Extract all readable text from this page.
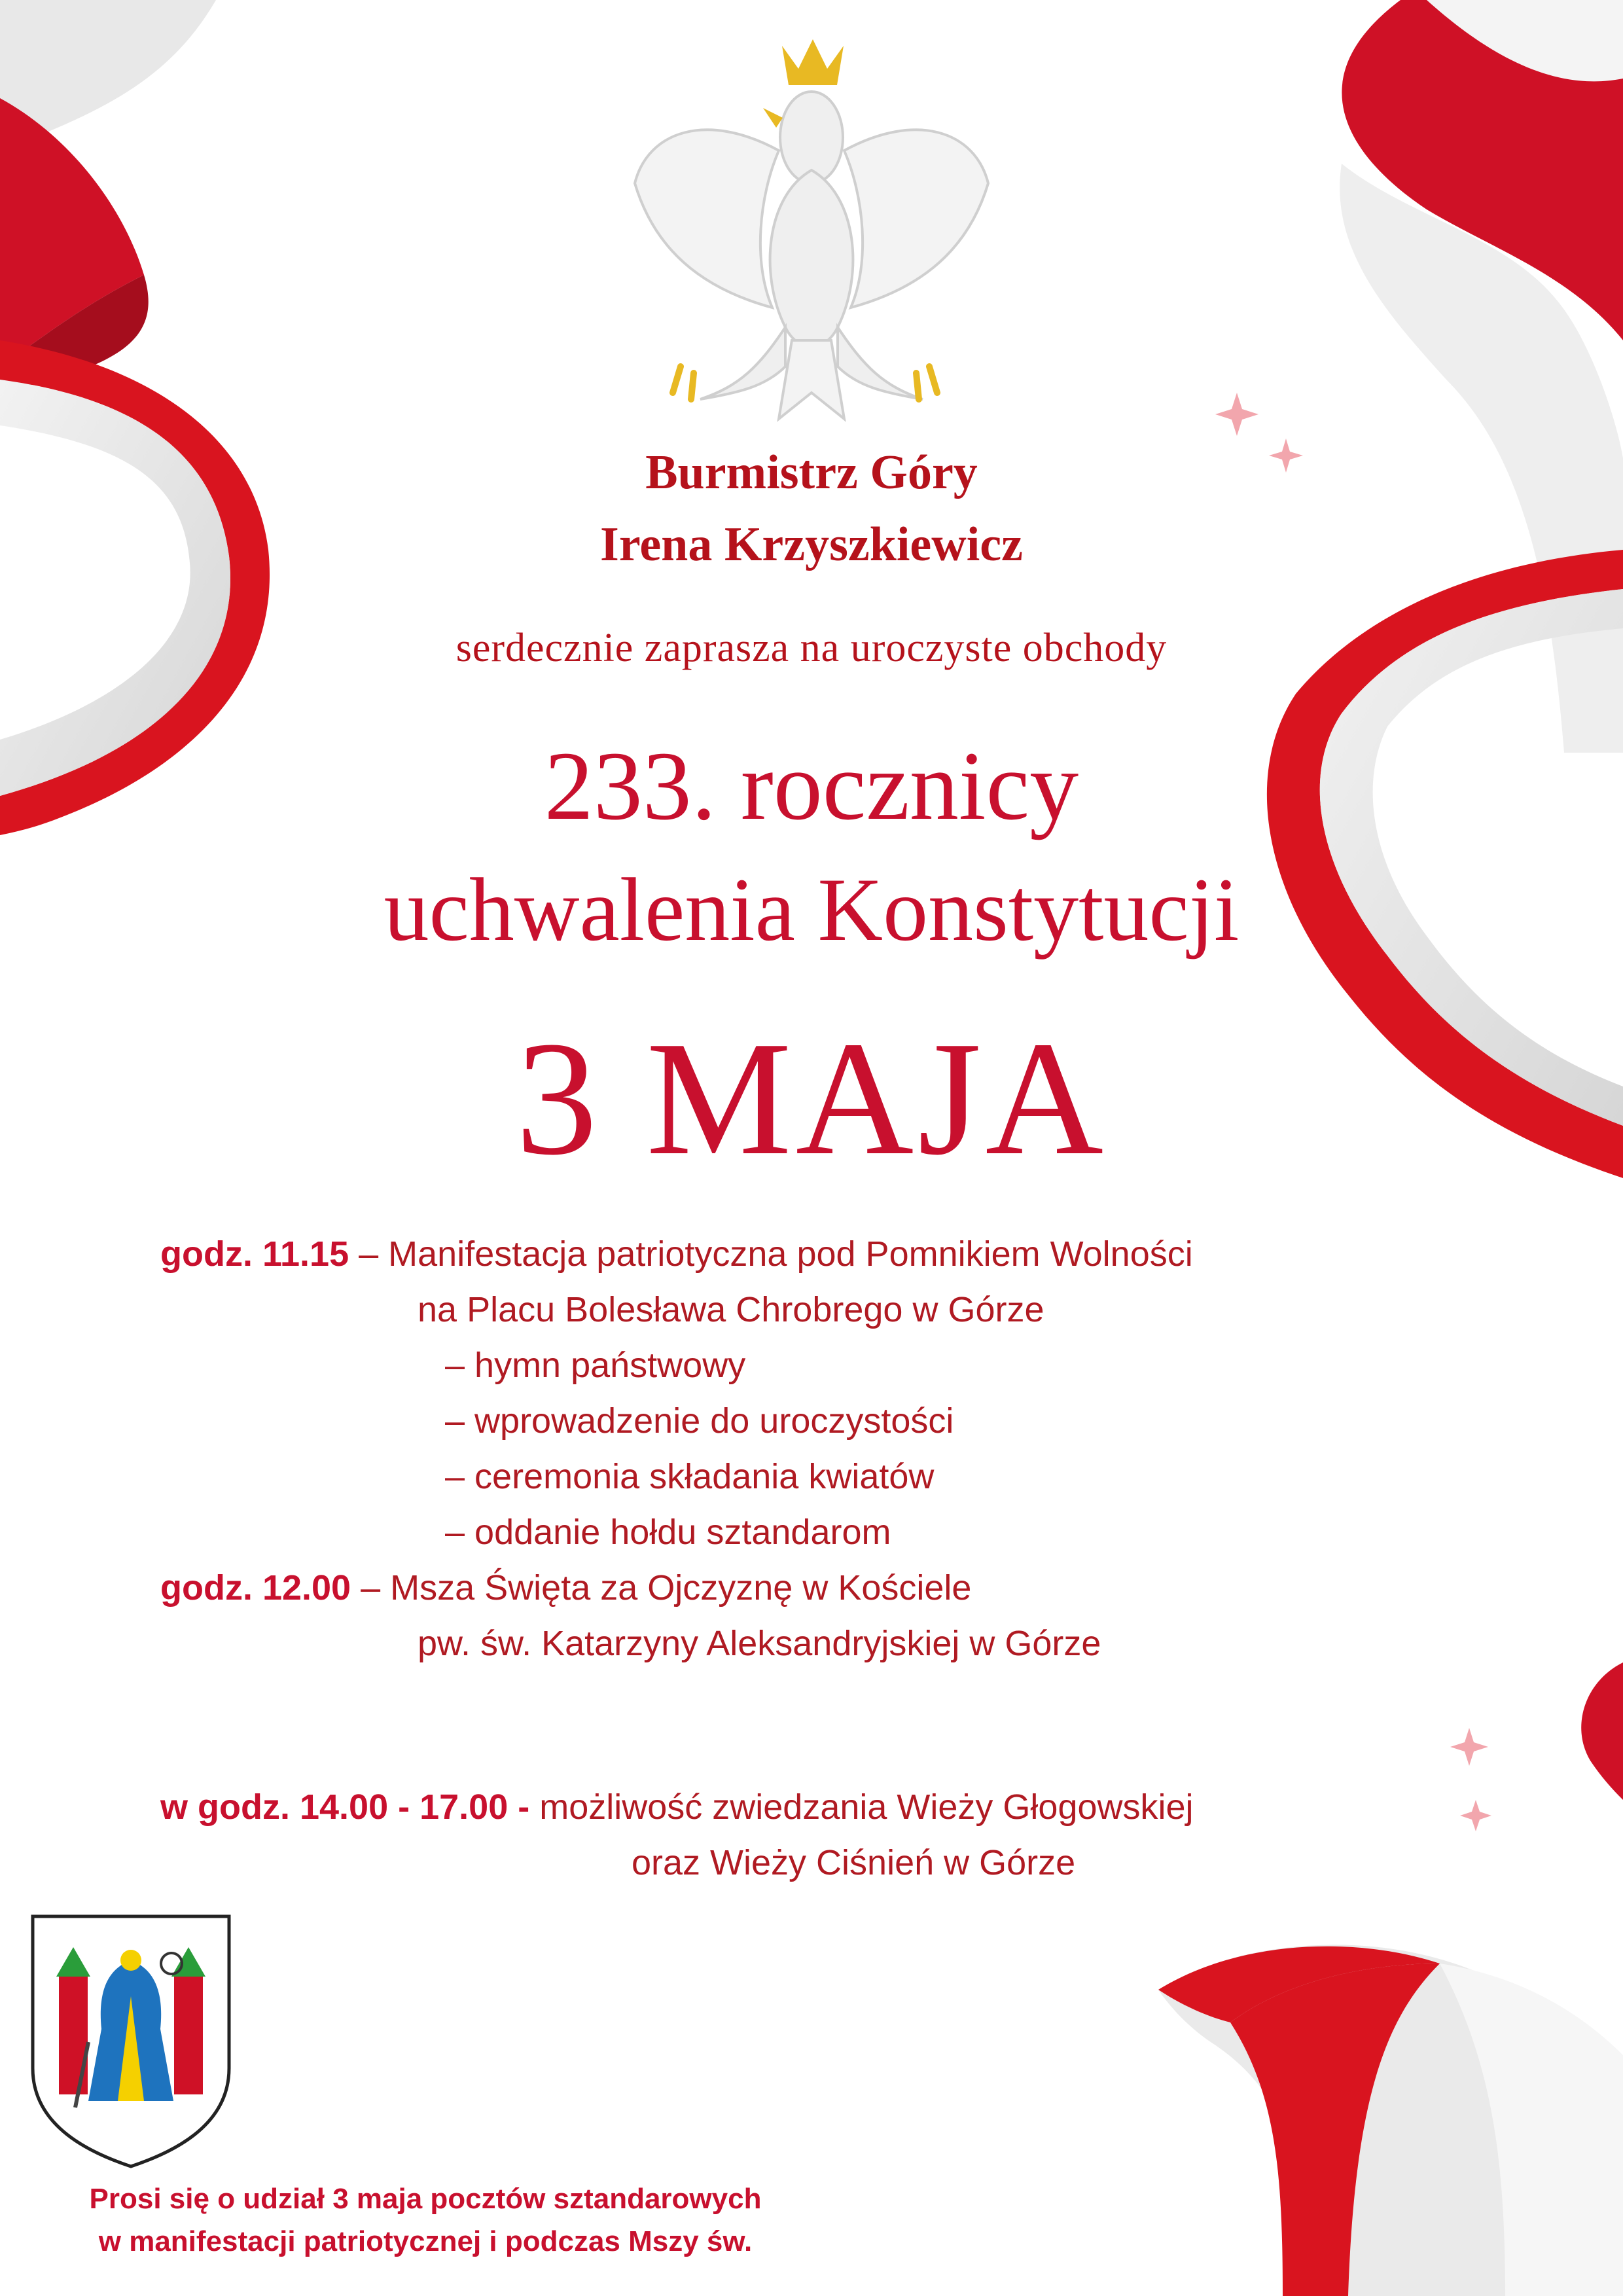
Burmistrz Góry
Irena Krzyszkiewicz
serdecznie zaprasza na uroczyste obchody
233. rocznicy
uchwalenia Konstytucji
3 MAJA
godz. 11.15 – Manifestacja patriotyczna pod Pomnikiem Wolności
na Placu Bolesława Chrobrego w Górze
– hymn państwowy
– wprowadzenie do uroczystości
– ceremonia składania kwiatów
– oddanie hołdu sztandarom
godz. 12.00 – Msza Święta za Ojczyznę w Kościele
pw. św. Katarzyny Aleksandryjskiej w Górze
w godz. 14.00 - 17.00 - możliwość zwiedzania Wieży Głogowskiej
oraz Wieży Ciśnień w Górze
Prosi się o udział 3 maja pocztów sztandarowych
w manifestacji patriotycznej i podczas Mszy św.
